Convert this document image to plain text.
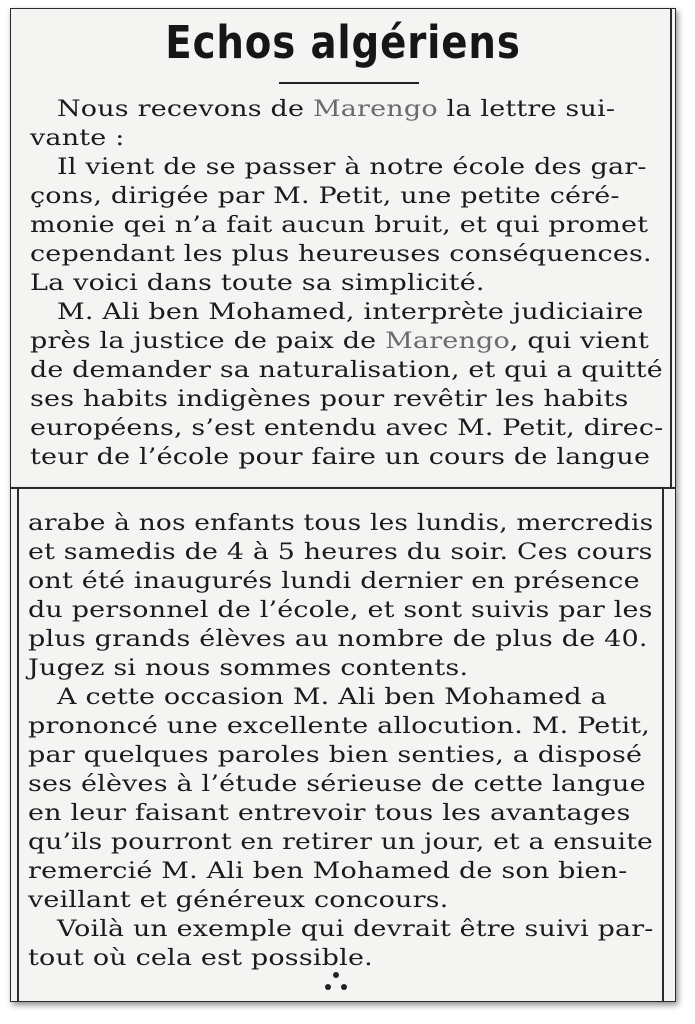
Echos algériens
Nous recevons de Marengo la lettre sui-
vante :
Il vient de se passer à notre école des gar-
çons, dirigée par M. Petit, une petite céré-
monie qei n’a fait aucun bruit, et qui promet
cependant les plus heureuses conséquences.
La voici dans toute sa simplicité.
M. Ali ben Mohamed, interprète judiciaire
près la justice de paix de Marengo, qui vient
de demander sa naturalisation, et qui a quitté
ses habits indigènes pour revêtir les habits
européens, s’est entendu avec M. Petit, direc-
teur de l’école pour faire un cours de langue
arabe à nos enfants tous les lundis, mercredis
et samedis de 4 à 5 heures du soir. Ces cours
ont été inaugurés lundi dernier en présence
du personnel de l’école, et sont suivis par les
plus grands élèves au nombre de plus de 40.
Jugez si nous sommes contents.
A cette occasion M. Ali ben Mohamed a
prononcé une excellente allocution. M. Petit,
par quelques paroles bien senties, a disposé
ses élèves à l’étude sérieuse de cette langue
en leur faisant entrevoir tous les avantages
qu’ils pourront en retirer un jour, et a ensuite
remercié M. Ali ben Mohamed de son bien-
veillant et généreux concours.
Voilà un exemple qui devrait être suivi par-
tout où cela est possible.
